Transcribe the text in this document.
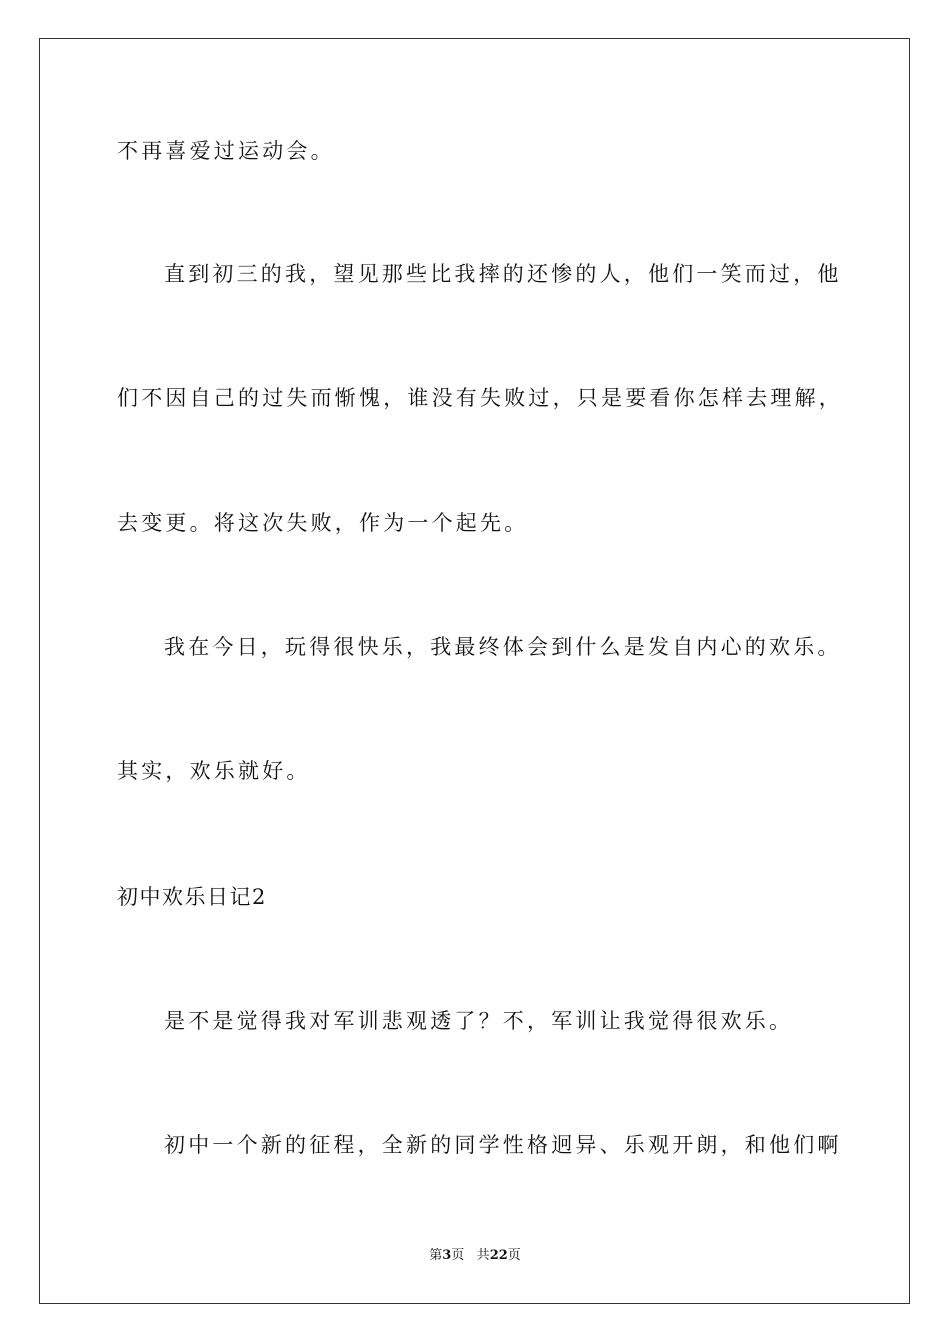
不再喜爱过运动会。
直到初三的我，望见那些比我摔的还惨的人，他们一笑而过，他
们不因自己的过失而惭愧，谁没有失败过，只是要看你怎样去理解，
去变更。将这次失败，作为一个起先。
我在今日，玩得很快乐，我最终体会到什么是发自内心的欢乐。
其实，欢乐就好。
初中欢乐日记2
是不是觉得我对军训悲观透了？不，军训让我觉得很欢乐。
初中一个新的征程，全新的同学性格迥异、乐观开朗，和他们啊
第3页 共22页
